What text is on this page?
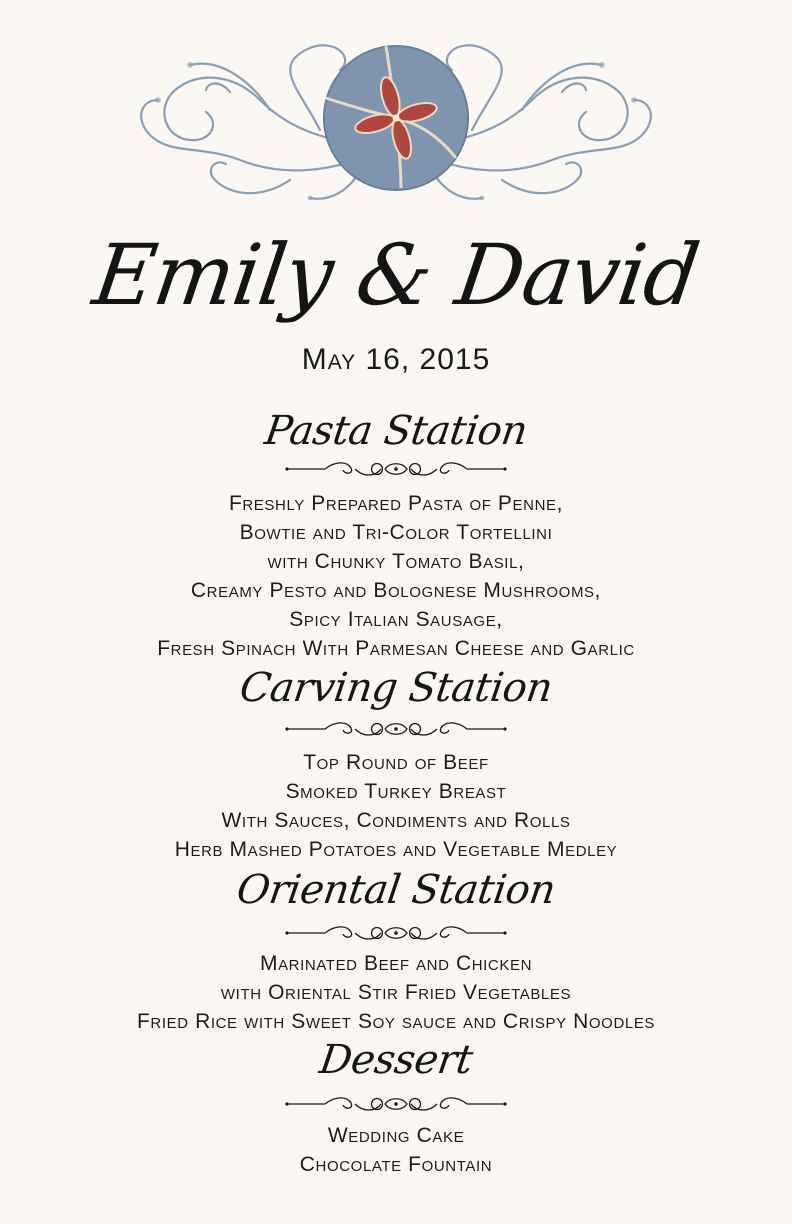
Emily & David
May 16, 2015
Pasta Station
Freshly Prepared Pasta of Penne,
Bowtie and Tri-Color Tortellini
with Chunky Tomato Basil,
Creamy Pesto and Bolognese Mushrooms,
Spicy Italian Sausage,
Fresh Spinach With Parmesan Cheese and Garlic
Carving Station
Top Round of Beef
Smoked Turkey Breast
With Sauces, Condiments and Rolls
Herb Mashed Potatoes and Vegetable Medley
Oriental Station
Marinated Beef and Chicken
with Oriental Stir Fried Vegetables
Fried Rice with Sweet Soy sauce and Crispy Noodles
Dessert
Wedding Cake
Chocolate Fountain
